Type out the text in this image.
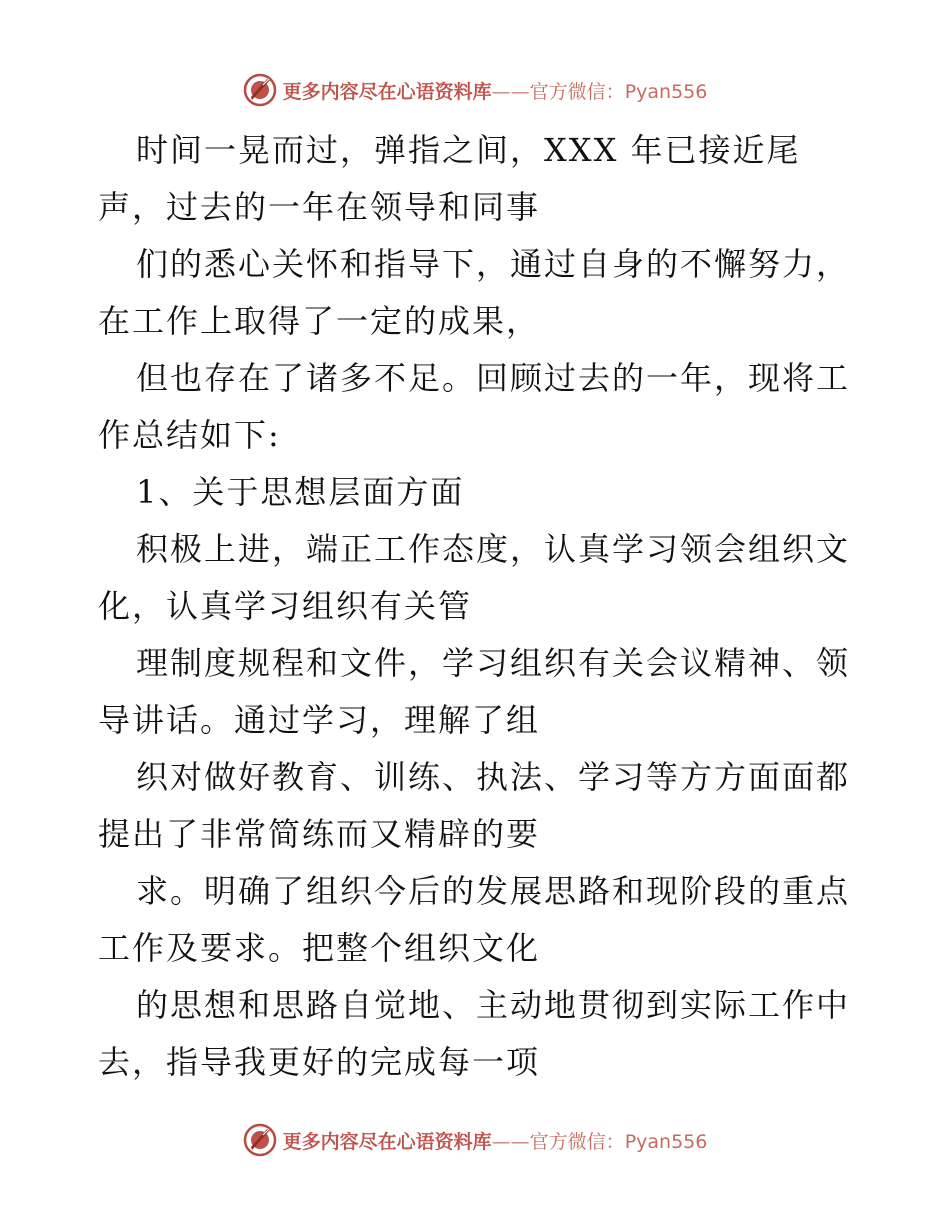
更多内容尽在心语资料库——官方微信：Pyan556

时间一晃而过，弹指之间，XXX 年已接近尾声，过去的一年在领导和同事

们的悉心关怀和指导下，通过自身的不懈努力，在工作上取得了一定的成果，

但也存在了诸多不足。回顾过去的一年，现将工作总结如下:

1、关于思想层面方面

积极上进，端正工作态度，认真学习领会组织文化，认真学习组织有关管

理制度规程和文件，学习组织有关会议精神、领导讲话。通过学习，理解了组

织对做好教育、训练、执法、学习等方方面面都提出了非常简练而又精辟的要

求。明确了组织今后的发展思路和现阶段的重点工作及要求。把整个组织文化

的思想和思路自觉地、主动地贯彻到实际工作中去，指导我更好的完成每一项

更多内容尽在心语资料库——官方微信：Pyan556
